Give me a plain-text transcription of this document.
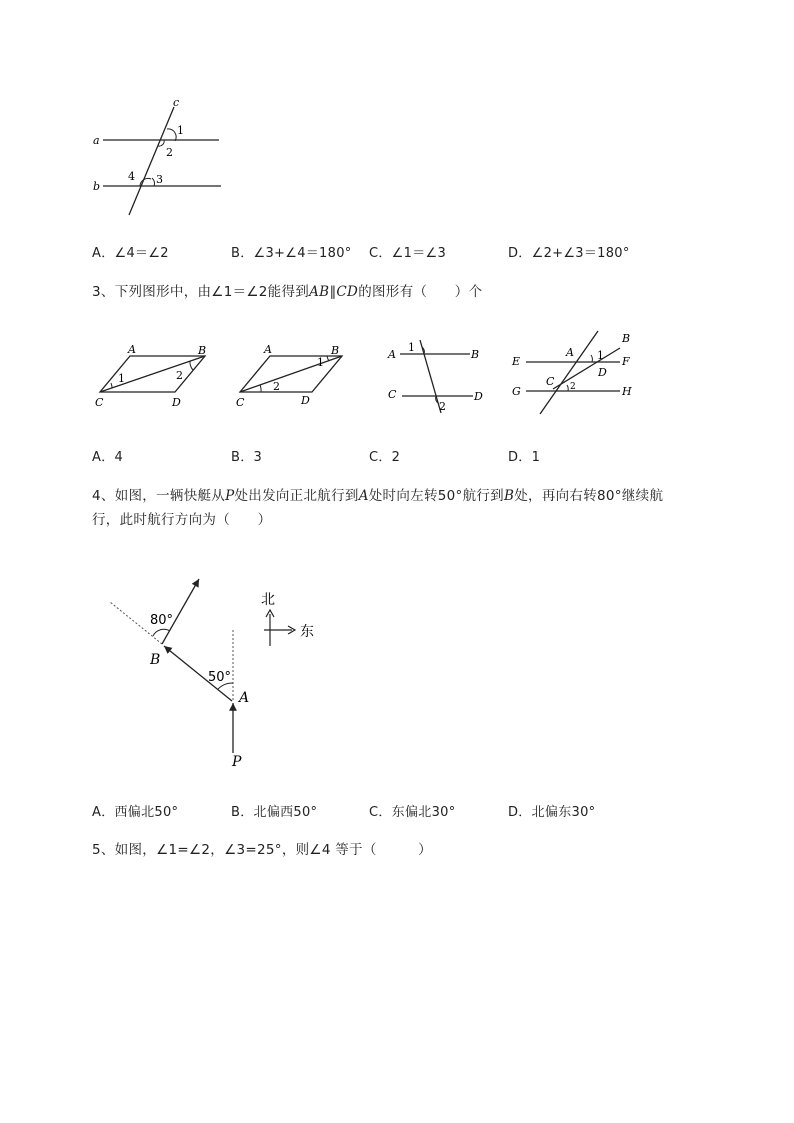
a
b
c
1
2
3
4
A．∠4＝∠2	B．∠3+∠4＝180° C．∠1＝∠3	D．∠2+∠3＝180°
3、下列图形中，由∠1＝∠2能得到AB∥CD的图形有（　　）个
A	B
C	D
1	2
A	B
C	D
1
2
A	B
C	D
1
2
A
B
E	F
G	H
C
D
1
2
A．4	B．3	C．2	D．1
4、如图，一辆快艇从P处出发向正北航行到A处时向左转50°航行到B处，再向右转80°继续航
行，此时航行方向为（　　）
80°
50°
B
A
P
北
东
A．西偏北50°	B．北偏西50°	C．东偏北30°	D．北偏东30°
5、如图，∠1=∠2，∠3=25°，则∠4 等于（　　　）
